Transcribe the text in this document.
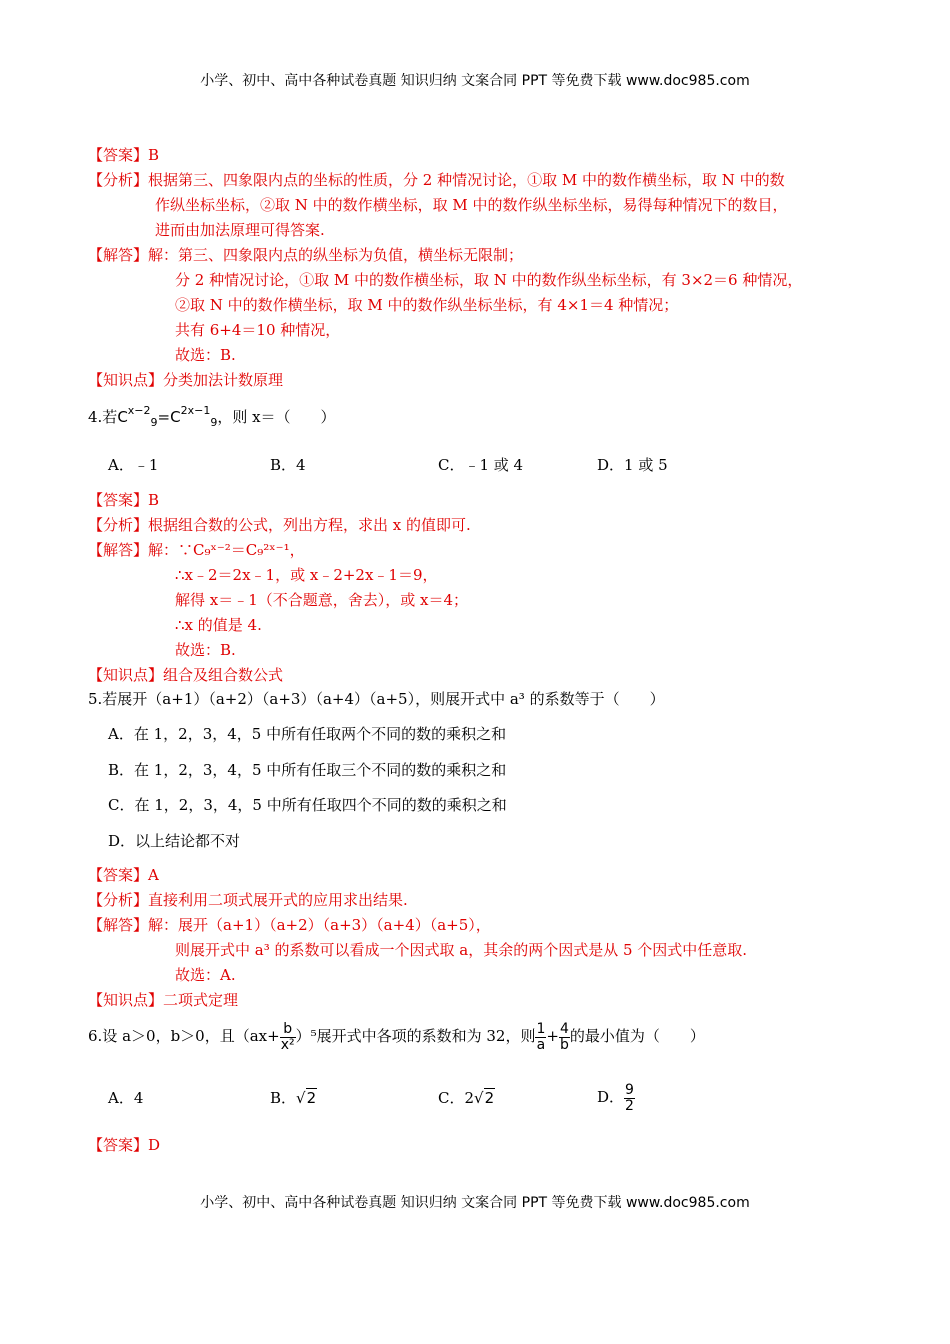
小学、初中、高中各种试卷真题 知识归纳 文案合同 PPT 等免费下载 www.doc985.com
【答案】B
【分析】根据第三、四象限内点的坐标的性质，分 2 种情况讨论，①取 M 中的数作横坐标，取 N 中的数
作纵坐标坐标，②取 N 中的数作横坐标，取 M 中的数作纵坐标坐标，易得每种情况下的数目，
进而由加法原理可得答案.
【解答】解：第三、四象限内点的纵坐标为负值，横坐标无限制；
分 2 种情况讨论，①取 M 中的数作横坐标，取 N 中的数作纵坐标坐标，有 3×2＝6 种情况，
②取 N 中的数作横坐标，取 M 中的数作纵坐标坐标，有 4×1＝4 种情况；
共有 6+4＝10 种情况，
故选：B.
【知识点】分类加法计数原理
4.若$C^{x-2}_9=C^{2x-1}_9$，则 x＝（　　）
A．﹣1	B．4	C．﹣1 或 4	D．1 或 5
【答案】B
【分析】根据组合数的公式，列出方程，求出 x 的值即可.
【解答】解：∵C₉ˣ⁻²＝C₉²ˣ⁻¹，
∴x﹣2＝2x﹣1，或 x﹣2+2x﹣1＝9，
解得 x＝﹣1（不合题意，舍去），或 x＝4；
∴x 的值是 4.
故选：B.
【知识点】组合及组合数公式
5.若展开（a+1）（a+2）（a+3）（a+4）（a+5），则展开式中 a³ 的系数等于（　　）
A．在 1，2，3，4，5 中所有任取两个不同的数的乘积之和
B．在 1，2，3，4，5 中所有任取三个不同的数的乘积之和
C．在 1，2，3，4，5 中所有任取四个不同的数的乘积之和
D．以上结论都不对
【答案】A
【分析】直接利用二项式展开式的应用求出结果.
【解答】解：展开（a+1）（a+2）（a+3）（a+4）（a+5），
则展开式中 a³ 的系数可以看成一个因式取 a，其余的两个因式是从 5 个因式中任意取.
故选：A.
【知识点】二项式定理
6.设 a＞0，b＞0，且$(ax+ \frac{b}{\text{x²}} )^5$展开式中各项的系数和为 32，则 $\frac{1}{a} + \frac{4}{b}$ 的最小值为（　　）
A．4	B．√2	C．2√2	D． $\frac{9}{2}$
【答案】D
小学、初中、高中各种试卷真题 知识归纳 文案合同 PPT 等免费下载 www.doc985.com
